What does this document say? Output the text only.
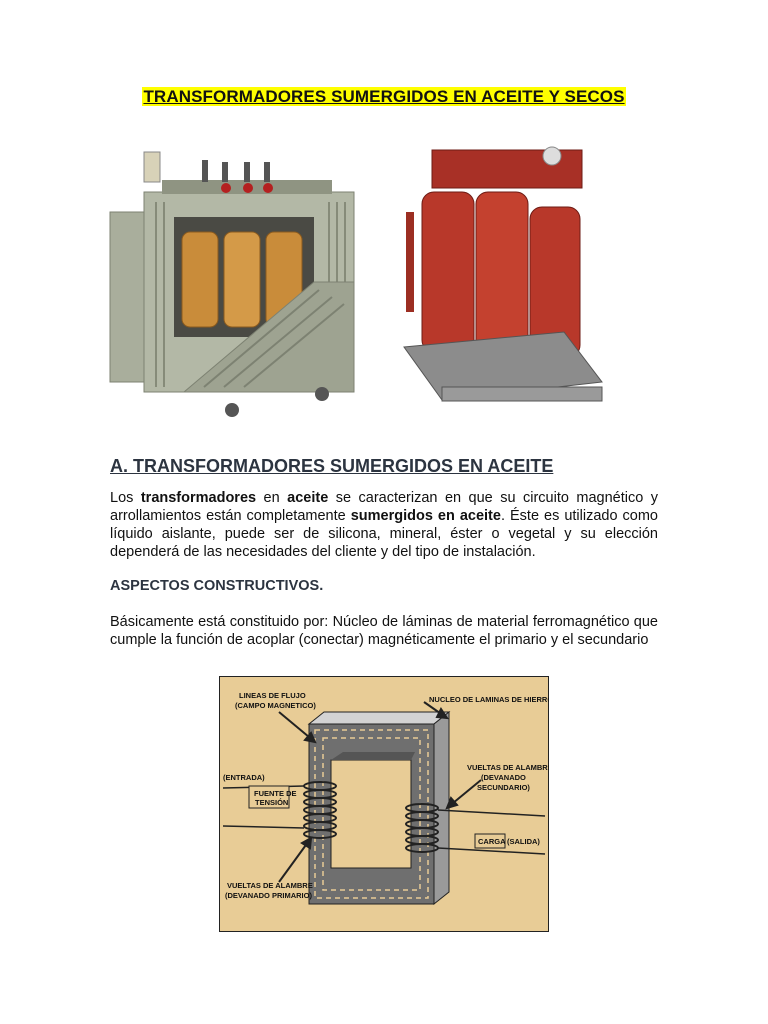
TRANSFORMADORES SUMERGIDOS EN ACEITE Y SECOS
A. TRANSFORMADORES SUMERGIDOS EN ACEITE
Los transformadores en aceite se caracterizan en que su circuito magnético y arrollamientos están completamente sumergidos en aceite. Éste es utilizado como líquido aislante, puede ser de silicona, mineral, éster o vegetal y su elección dependerá de las necesidades del cliente y del tipo de instalación.
ASPECTOS CONSTRUCTIVOS.
Básicamente está constituido por: Núcleo de láminas de material ferromagnético que cumple la función de acoplar (conectar) magnéticamente el primario y el secundario
LINEAS DE FLUJO
(CAMPO MAGNETICO)
NUCLEO DE LAMINAS DE HIERRO
(ENTRADA)
FUENTE DE
TENSIÓN
VUELTAS DE ALAMBRE
(DEVANADO
SECUNDARIO)
CARGA (SALIDA)
VUELTAS DE ALAMBRE
(DEVANADO PRIMARIO)
